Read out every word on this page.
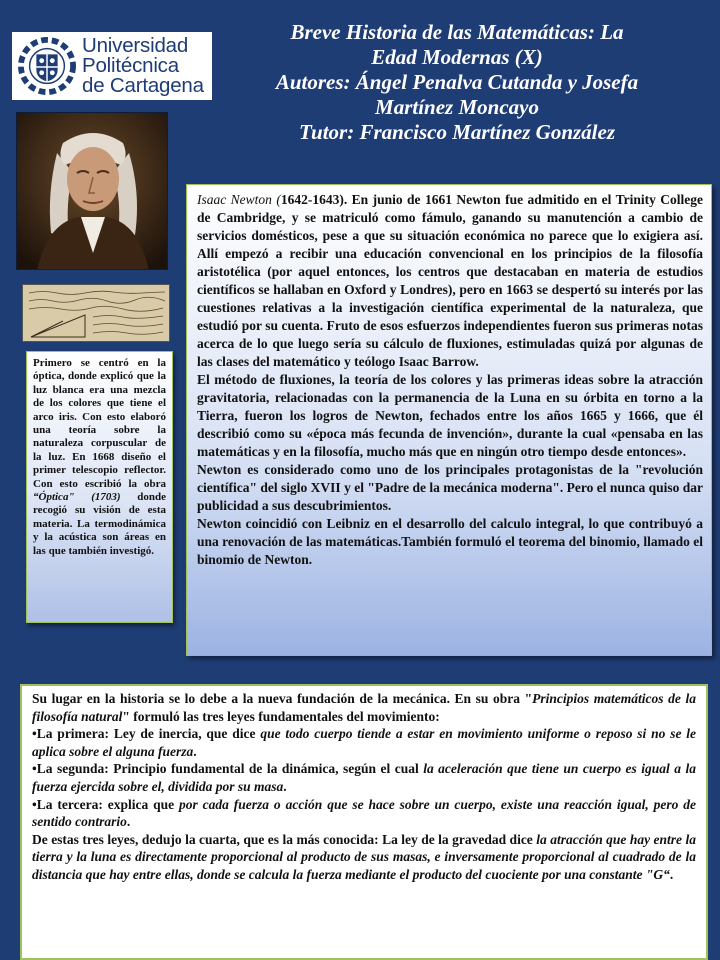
Universidad
Politécnica
de Cartagena
Breve Historia de las Matemáticas: La
Edad Modernas (X)
Autores: Ángel Penalva Cutanda y Josefa
Martínez Moncayo
Tutor: Francisco Martínez González
Primero se centró en la óptica, donde explicó que la luz blanca era una mezcla de los colores que tiene el arco iris. Con esto elaboró una teoría sobre la naturaleza corpuscular de la luz. En 1668 diseño el primer telescopio reflector. Con esto escribió la obra “Óptica" (1703) donde recogió su visión de esta materia. La termodinámica y la acústica son áreas en las que también investigó.

Isaac Newton (1642-1643). En junio de 1661 Newton fue admitido en el Trinity College de Cambridge, y se matriculó como fámulo, ganando su manutención a cambio de servicios domésticos, pese a que su situación económica no parece que lo exigiera así. Allí empezó a recibir una educación convencional en los principios de la filosofía aristotélica (por aquel entonces, los centros que destacaban en materia de estudios científicos se hallaban en Oxford y Londres), pero en 1663 se despertó su interés por las cuestiones relativas a la investigación científica experimental de la naturaleza, que estudió por su cuenta. Fruto de esos esfuerzos independientes fueron sus primeras notas acerca de lo que luego sería su cálculo de fluxiones, estimuladas quizá por algunas de las clases del matemático y teólogo Isaac Barrow.

El método de fluxiones, la teoría de los colores y las primeras ideas sobre la atracción gravitatoria, relacionadas con la permanencia de la Luna en su órbita en torno a la Tierra, fueron los logros de Newton, fechados entre los años 1665 y 1666, que él describió como su «época más fecunda de invención», durante la cual «pensaba en las matemáticas y en la filosofía, mucho más que en ningún otro tiempo desde entonces».

Newton es considerado como uno de los principales protagonistas de la "revolución científica" del siglo XVII y el "Padre de la mecánica moderna". Pero el nunca quiso dar publicidad a sus descubrimientos.

Newton coincidió con Leibniz en el desarrollo del calculo integral, lo que contribuyó a una renovación de las matemáticas.También formuló el teorema del binomio, llamado el binomio de Newton.

Su lugar en la historia se lo debe a la nueva fundación de la mecánica. En su obra "Principios matemáticos de la filosofía natural" formuló las tres leyes fundamentales del movimiento:

• La primera: Ley de inercia, que dice que todo cuerpo tiende a estar en movimiento uniforme o reposo si no se le aplica sobre el alguna fuerza.

• La segunda: Principio fundamental de la dinámica, según el cual la aceleración que tiene un cuerpo es igual a la fuerza ejercida sobre el, dividida por su masa.

• La tercera: explica que por cada fuerza o acción que se hace sobre un cuerpo, existe una reacción igual, pero de sentido contrario.

De estas tres leyes, dedujo la cuarta, que es la más conocida: La ley de la gravedad dice la atracción que hay entre la tierra y la luna es directamente proporcional al producto de sus masas, e inversamente proporcional al cuadrado de la distancia que hay entre ellas, donde se calcula la fuerza mediante el producto del cuociente por una constante "G“.
